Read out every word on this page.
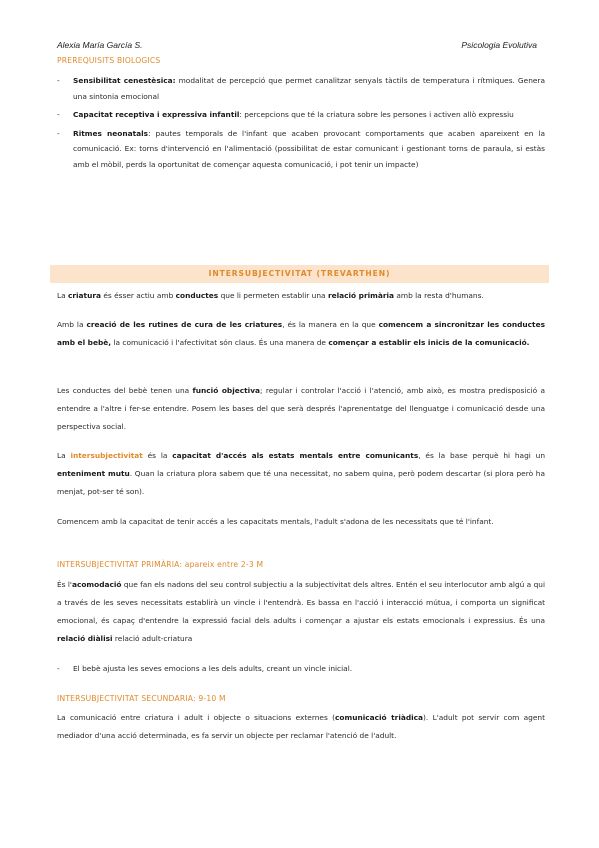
Alexia María García S.	Psicologia Evolutiva
PREREQUISITS BIOLOGICS
-	Sensibilitat cenestèsica: modalitat de percepció que permet canalitzar senyals tàctils de temperatura i rítmiques. Genera una sintonia emocional
-	Capacitat receptiva i expressiva infantil: percepcions que té la criatura sobre les persones i activen allò expressiu
-	Ritmes neonatals: pautes temporals de l'infant que acaben provocant comportaments que acaben apareixent en la comunicació. Ex: torns d'intervenció en l'alimentació (possibilitat de estar comunicant i gestionant torns de paraula, si estàs amb el mòbil, perds la oportunitat de començar aquesta comunicació, i pot tenir un impacte)
INTERSUBJECTIVITAT (TREVARTHEN)
La criatura és ésser actiu amb conductes que li permeten establir una relació primària amb la resta d'humans.
Amb la creació de les rutines de cura de les criatures, és la manera en la que comencem a sincronitzar les conductes amb el bebè, la comunicació i l'afectivitat són claus. És una manera de començar a establir els inicis de la comunicació.
Les conductes del bebè tenen una funció objectiva; regular i controlar l'acció i l'atenció, amb això, es mostra predisposició a entendre a l'altre i fer-se entendre. Posem les bases del que serà després l'aprenentatge del llenguatge i comunicació desde una perspectiva social.
La intersubjectivitat és la capacitat d'accés als estats mentals entre comunicants, és la base perquè hi hagi un enteniment mutu. Quan la criatura plora sabem que té una necessitat, no sabem quina, però podem descartar (si plora però ha menjat, pot-ser té son).
Comencem amb la capacitat de tenir accés a les capacitats mentals, l'adult s'adona de les necessitats que té l'infant.
INTERSUBJECTIVITAT PRIMÀRIA: apareix entre 2-3 M
És l'acomodació que fan els nadons del seu control subjectiu a la subjectivitat dels altres. Entén el seu interlocutor amb algú a qui a través de les seves necessitats establirà un vincle i l'entendrà. Es bassa en l'acció i interacció mútua, i comporta un significat emocional, és capaç d'entendre la expressió facial dels adults i començar a ajustar els estats emocionals i expressius. És una relació diàlisi relació adult-criatura
-	El bebè ajusta les seves emocions a les dels adults, creant un vincle inicial.
INTERSUBJECTIVITAT SECUNDARIA: 9-10 M
La comunicació entre criatura i adult i objecte o situacions externes (comunicació triàdica). L'adult pot servir com agent mediador d'una acció determinada, es fa servir un objecte per reclamar l'atenció de l'adult.
